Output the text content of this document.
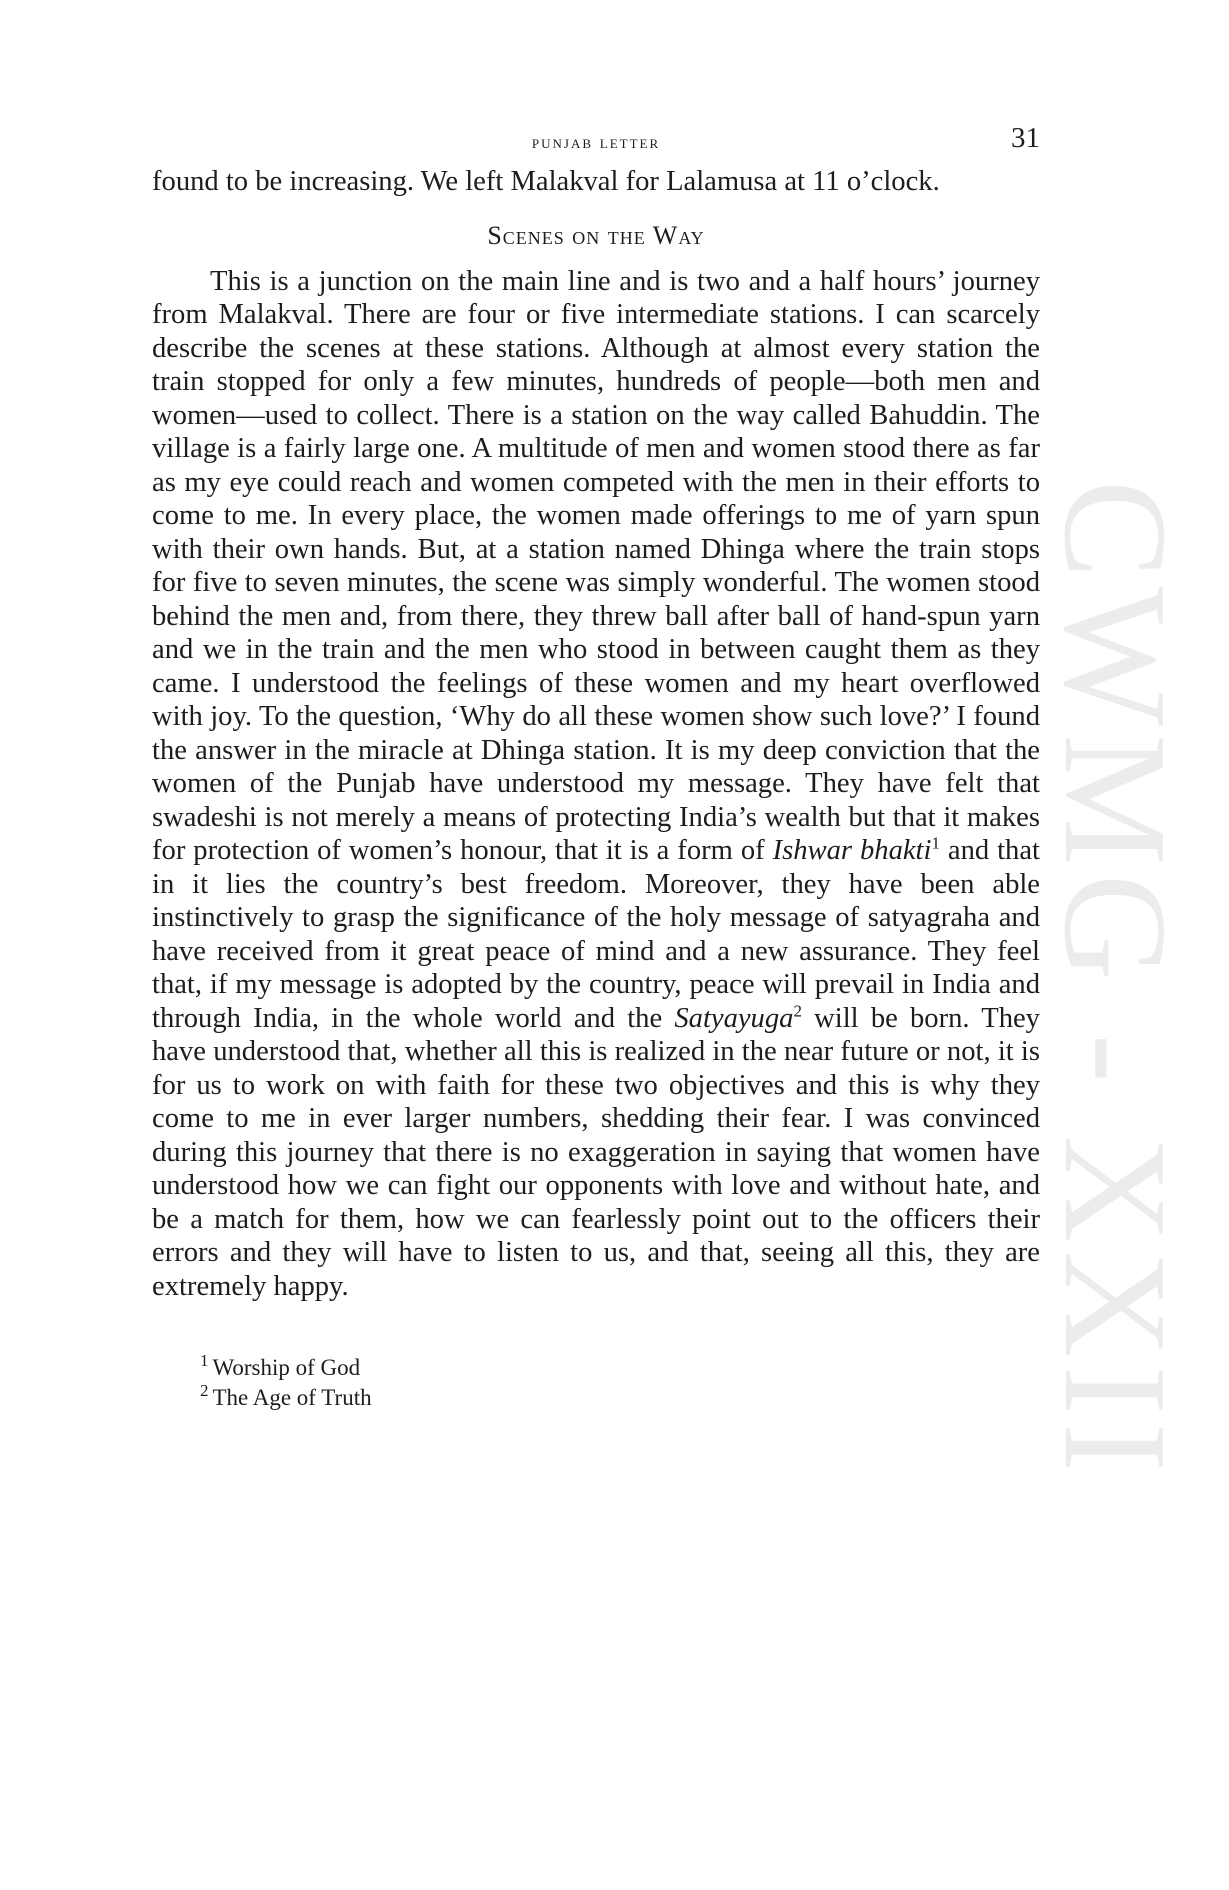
CWMG - XXII
punjab letter	31

found to be increasing. We left Malakval for Lalamusa at 11 o’clock.

Scenes on the Way

This is a junction on the main line and is two and a half hours’ journey from Malakval. There are four or five intermediate stations. I can scarcely describe the scenes at these stations. Although at almost every station the train stopped for only a few minutes, hundreds of people—both men and women—used to collect. There is a station on the way called Bahuddin. The village is a fairly large one. A multitude of men and women stood there as far as my eye could reach and women competed with the men in their efforts to come to me. In every place, the women made offerings to me of yarn spun with their own hands. But, at a station named Dhinga where the train stops for five to seven minutes, the scene was simply wonderful. The women stood behind the men and, from there, they threw ball after ball of hand-spun yarn and we in the train and the men who stood in between caught them as they came. I understood the feelings of these women and my heart overflowed with joy. To the question, ‘Why do all these women show such love?’ I found the answer in the miracle at Dhinga station. It is my deep conviction that the women of the Punjab have understood my message. They have felt that swadeshi is not merely a means of protecting India’s wealth but that it makes for protection of women’s honour, that it is a form of Ishwar bhakti$^1$ and that in it lies the country’s best freedom. Moreover, they have been able instinctively to grasp the significance of the holy message of satyagraha and have received from it great peace of mind and a new assurance. They feel that, if my message is adopted by the country, peace will prevail in India and through India, in the whole world and the Satyayuga$^2$ will be born. They have understood that, whether all this is realized in the near future or not, it is for us to work on with faith for these two objectives and this is why they come to me in ever larger numbers, shedding their fear. I was convinced during this journey that there is no exaggeration in saying that women have understood how we can fight our opponents with love and without hate, and be a match for them, how we can fearlessly point out to the officers their errors and they will have to listen to us, and that, seeing all this, they are extremely happy.

$^1$ Worship of God
$^2$ The Age of Truth
